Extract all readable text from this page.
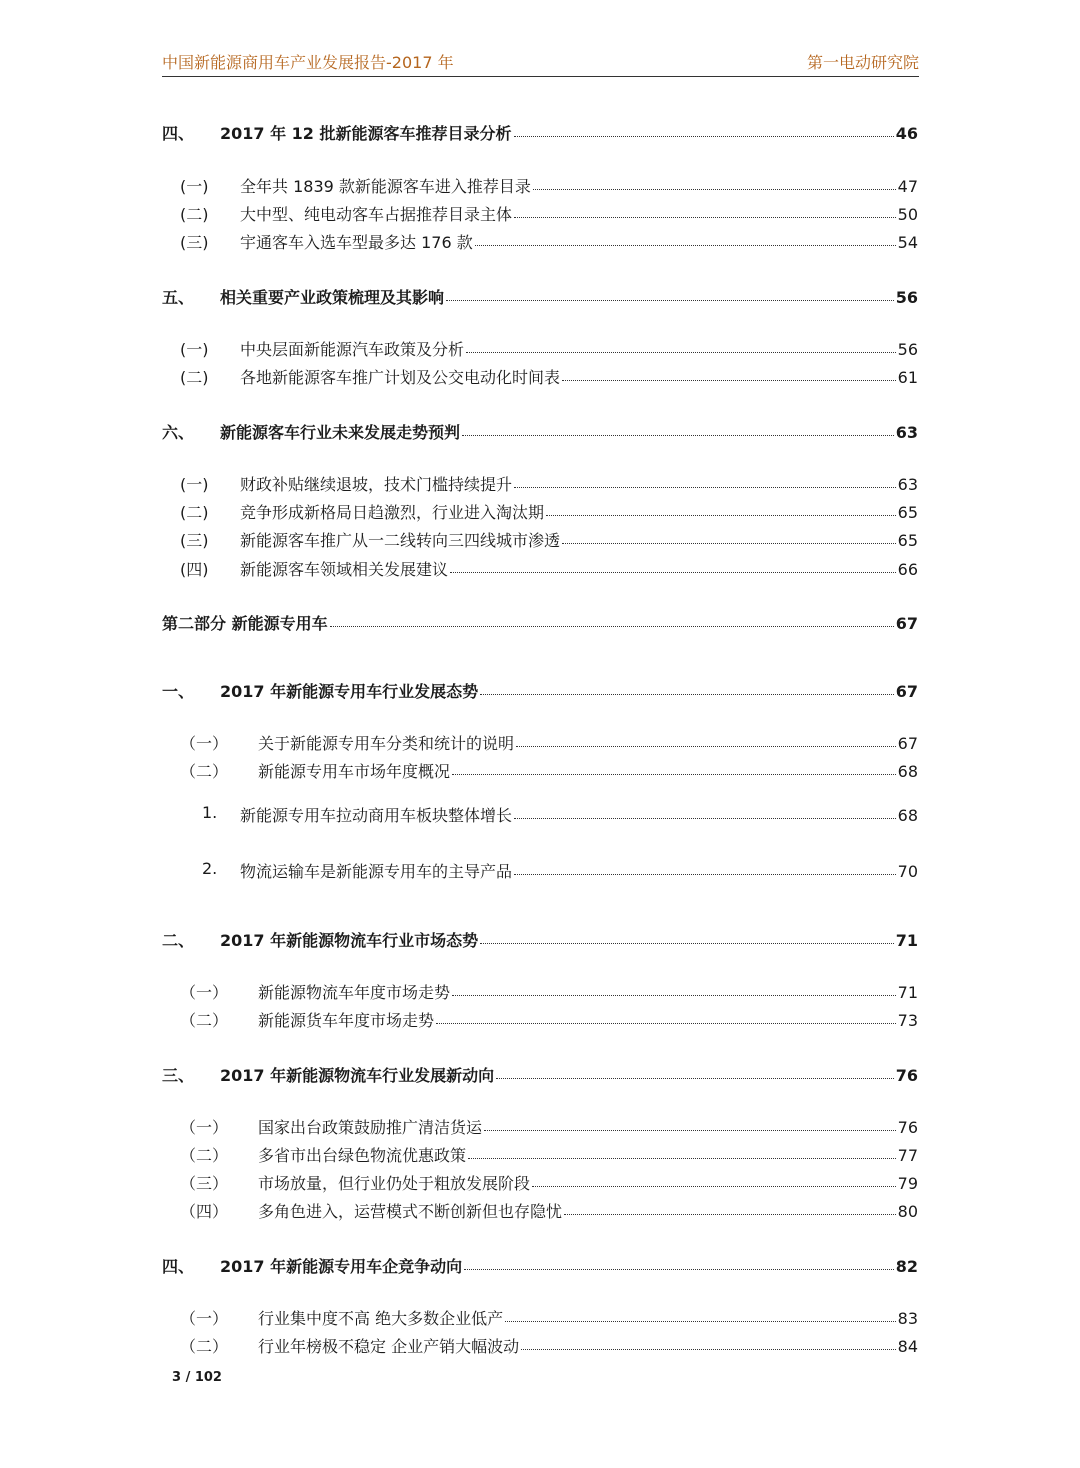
中国新能源商用车产业发展报告-2017 年	第一电动研究院
四、 2017 年 12 批新能源客车推荐目录分析	46
(一) 全年共 1839 款新能源客车进入推荐目录	47
(二) 大中型、纯电动客车占据推荐目录主体	50
(三) 宇通客车入选车型最多达 176 款	54
五、 相关重要产业政策梳理及其影响	56
(一) 中央层面新能源汽车政策及分析	56
(二) 各地新能源客车推广计划及公交电动化时间表	61
六、 新能源客车行业未来发展走势预判	63
(一) 财政补贴继续退坡，技术门槛持续提升	63
(二) 竞争形成新格局日趋激烈，行业进入淘汰期	65
(三) 新能源客车推广从一二线转向三四线城市渗透	65
(四) 新能源客车领域相关发展建议	66
第二部分 新能源专用车	67
一、 2017 年新能源专用车行业发展态势	67
（一） 关于新能源专用车分类和统计的说明	67
（二） 新能源专用车市场年度概况	68
1. 新能源专用车拉动商用车板块整体增长	68
2. 物流运输车是新能源专用车的主导产品	70
二、 2017 年新能源物流车行业市场态势	71
（一） 新能源物流车年度市场走势	71
（二） 新能源货车年度市场走势	73
三、 2017 年新能源物流车行业发展新动向	76
（一） 国家出台政策鼓励推广清洁货运	76
（二） 多省市出台绿色物流优惠政策	77
（三） 市场放量，但行业仍处于粗放发展阶段	79
（四） 多角色进入，运营模式不断创新但也存隐忧	80
四、 2017 年新能源专用车企竞争动向	82
（一） 行业集中度不高 绝大多数企业低产	83
（二） 行业年榜极不稳定 企业产销大幅波动	84
3 / 102
